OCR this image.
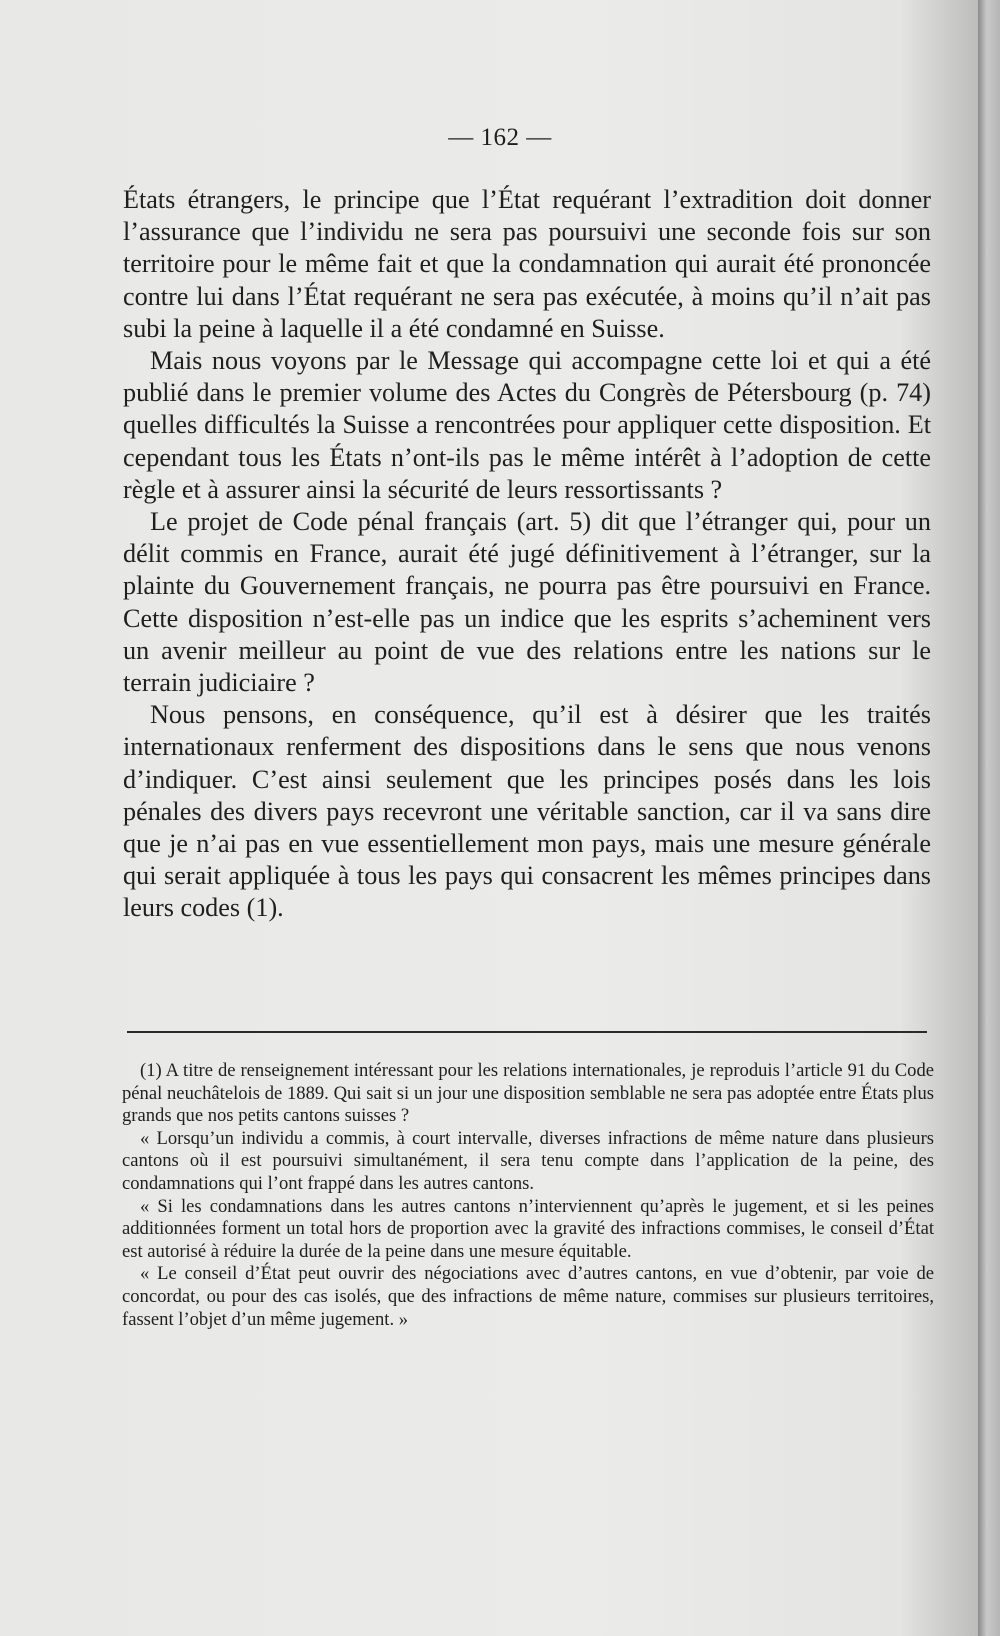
— 162 —

États étrangers, le principe que l’État requérant l’extradition doit donner l’assurance que l’individu ne sera pas poursuivi une seconde fois sur son territoire pour le même fait et que la condamnation qui aurait été prononcée contre lui dans l’État requérant ne sera pas exécutée, à moins qu’il n’ait pas subi la peine à laquelle il a été condamné en Suisse.

Mais nous voyons par le Message qui accompagne cette loi et qui a été publié dans le premier volume des Actes du Congrès de Pétersbourg (p. 74) quelles difficultés la Suisse a rencontrées pour appliquer cette disposition. Et cependant tous les États n’ont-ils pas le même intérêt à l’adoption de cette règle et à assurer ainsi la sécurité de leurs ressortissants ?

Le projet de Code pénal français (art. 5) dit que l’étranger qui, pour un délit commis en France, aurait été jugé définitivement à l’étranger, sur la plainte du Gouvernement français, ne pourra pas être poursuivi en France. Cette disposition n’est-elle pas un indice que les esprits s’acheminent vers un avenir meilleur au point de vue des relations entre les nations sur le terrain judiciaire ?

Nous pensons, en conséquence, qu’il est à désirer que les traités internationaux renferment des dispositions dans le sens que nous venons d’indiquer. C’est ainsi seulement que les principes posés dans les lois pénales des divers pays recevront une véritable sanction, car il va sans dire que je n’ai pas en vue essentiellement mon pays, mais une mesure générale qui serait appliquée à tous les pays qui consacrent les mêmes principes dans leurs codes (1).

(1) A titre de renseignement intéressant pour les relations internationales, je reproduis l’article 91 du Code pénal neuchâtelois de 1889. Qui sait si un jour une disposition semblable ne sera pas adoptée entre États plus grands que nos petits cantons suisses ?

« Lorsqu’un individu a commis, à court intervalle, diverses infractions de même nature dans plusieurs cantons où il est poursuivi simultanément, il sera tenu compte dans l’application de la peine, des condamnations qui l’ont frappé dans les autres cantons.

« Si les condamnations dans les autres cantons n’interviennent qu’après le jugement, et si les peines additionnées forment un total hors de proportion avec la gravité des infractions commises, le conseil d’État est autorisé à réduire la durée de la peine dans une mesure équitable.

« Le conseil d’État peut ouvrir des négociations avec d’autres cantons, en vue d’obtenir, par voie de concordat, ou pour des cas isolés, que des infractions de même nature, commises sur plusieurs territoires, fassent l’objet d’un même jugement. »
